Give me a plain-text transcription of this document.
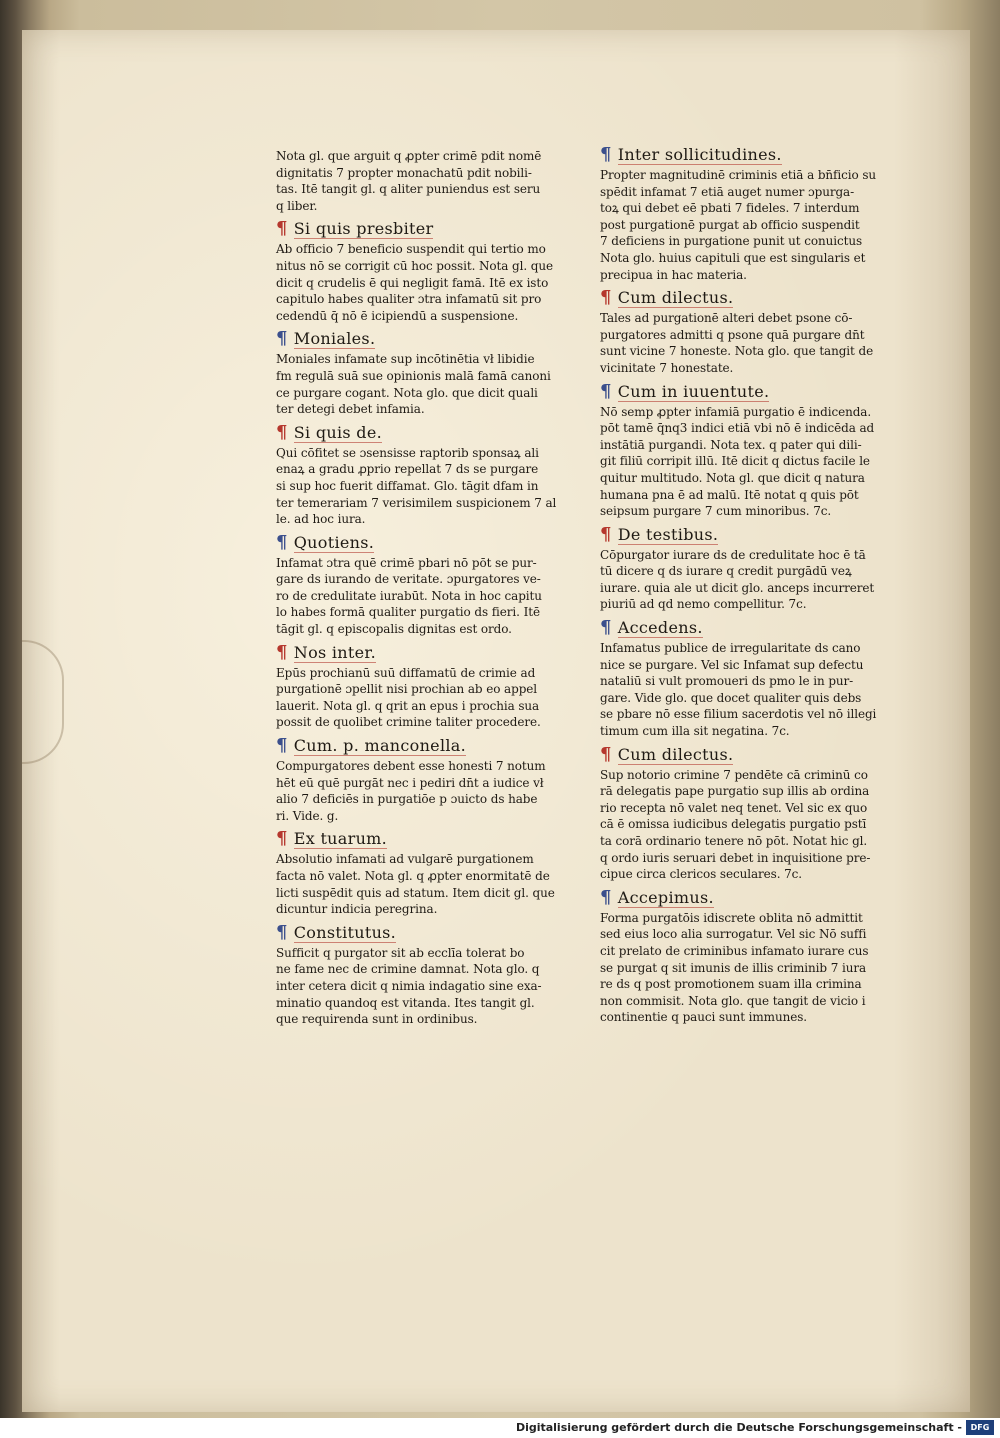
Nota gl. que arguit q ꝓpter crimē pdit nomē

dignitatis 7 propter monachatū pdit nobili-

tas. Itē tangit gl. q aliter puniendus est seru

q liber.

¶ Si quis presbiter

Ab officio 7 beneficio suspendit qui tertio mo

nitus nō se corrigit cū hoc possit. Nota gl. que

dicit q crudelis ē qui negligit famā. Itē ex isto

capitulo habes qualiter ɔtra infamatū sit pro

cedendū q̄ nō ē icipiendū a suspensione.

¶ Moniales.

Moniales infamate sup incōtinētia vł libidie

fm regulā suā sue opinionis malā famā canoni

ce purgare cogant. Nota glo. que dicit quali

ter detegi debet infamia.

¶ Si quis de.

Qui cōfitet se ɔsensisse raptorib sponsaꝝ ali

enaꝝ a gradu ꝓprio repellat 7 ds se purgare

si sup hoc fuerit diffamat. Glo. tāgit dfam in

ter temerariam 7 verisimilem suspicionem 7 al

le. ad hoc iura.

¶ Quotiens.

Infamat ɔtra quē crimē pbari nō pōt se pur-

gare ds iurando de veritate. ɔpurgatores ve-

ro de credulitate iurabūt. Nota in hoc capitu

lo habes formā qualiter purgatio ds fieri. Itē

tāgit gl. q episcopalis dignitas est ordo.

¶ Nos inter.

Epūs prochianū suū diffamatū de crimie ad

purgationē ɔpellit nisi prochian ab eo appel

lauerit. Nota gl. q qrit an epus i prochia sua

possit de quolibet crimine taliter procedere.

¶ Cum. p. manconella.

Compurgatores debent esse honesti 7 notum

hēt eū quē purgāt nec i pediri dn̄t a iudice vł

alio 7 deficiēs in purgatiōe p ɔuicto ds habe

ri. Vide. g.

¶ Ex tuarum.

Absolutio infamati ad vulgarē purgationem

facta nō valet. Nota gl. q ꝓpter enormitatē de

licti suspēdit quis ad statum. Item dicit gl. que

dicuntur indicia peregrina.

¶ Constitutus.

Sufficit q purgator sit ab ecclīa tolerat bo

ne fame nec de crimine damnat. Nota glo. q

inter cetera dicit q nimia indagatio sine exa-

minatio quandoq est vitanda. Ites tangit gl.

que requirenda sunt in ordinibus.

¶ Inter sollicitudines.

Propter magnitudinē criminis etiā a bn̄ficio su

spēdit infamat 7 etiā auget numer ɔpurga-

toꝝ qui debet eē pbati 7 fideles. 7 interdum

post purgationē purgat ab officio suspendit

7 deficiens in purgatione punit ut conuictus

Nota glo. huius capituli que est singularis et

precipua in hac materia.

¶ Cum dilectus.

Tales ad purgationē alteri debet psone cō-

purgatores admitti q psone quā purgare dn̄t

sunt vicine 7 honeste. Nota glo. que tangit de

vicinitate 7 honestate.

¶ Cum in iuuentute.

Nō semp ꝓpter infamiā purgatio ē indicenda.

pōt tamē q̄nq3 indici etiā vbi nō ē indicēda ad

instātiā purgandi. Nota tex. q pater qui dili-

git filiū corripit illū. Itē dicit q dictus facile le

quitur multitudo. Nota gl. que dicit q natura

humana pna ē ad malū. Itē notat q quis pōt

seipsum purgare 7 cum minoribus. 7c.

¶ De testibus.

Cōpurgator iurare ds de credulitate hoc ē tā

tū dicere q ds iurare q credit purgādū veꝝ

iurare. quia ale ut dicit glo. anceps incurreret

piuriū ad qd nemo compellitur. 7c.

¶ Accedens.

Infamatus publice de irregularitate ds cano

nice se purgare. Vel sic Infamat sup defectu

nataliū si vult promoueri ds pmo le in pur-

gare. Vide glo. que docet qualiter quis debs

se pbare nō esse filium sacerdotis vel nō illegi

timum cum illa sit negatina. 7c.

¶ Cum dilectus.

Sup notorio crimine 7 pendēte cā criminū co

rā delegatis pape purgatio sup illis ab ordina

rio recepta nō valet neq tenet. Vel sic ex quo

cā ē omissa iudicibus delegatis purgatio pstī

ta corā ordinario tenere nō pōt. Notat hic gl.

q ordo iuris seruari debet in inquisitione pre-

cipue circa clericos seculares. 7c.

¶ Accepimus.

Forma purgatōis idiscrete oblita nō admittit

sed eius loco alia surrogatur. Vel sic Nō suffi

cit prelato de criminibus infamato iurare cus

se purgat q sit imunis de illis criminib 7 iura

re ds q post promotionem suam illa crimina

non commisit. Nota glo. que tangit de vicio i

continentie q pauci sunt immunes.

Digitalisierung gefördert durch die Deutsche Forschungsgemeinschaft -	DFG
